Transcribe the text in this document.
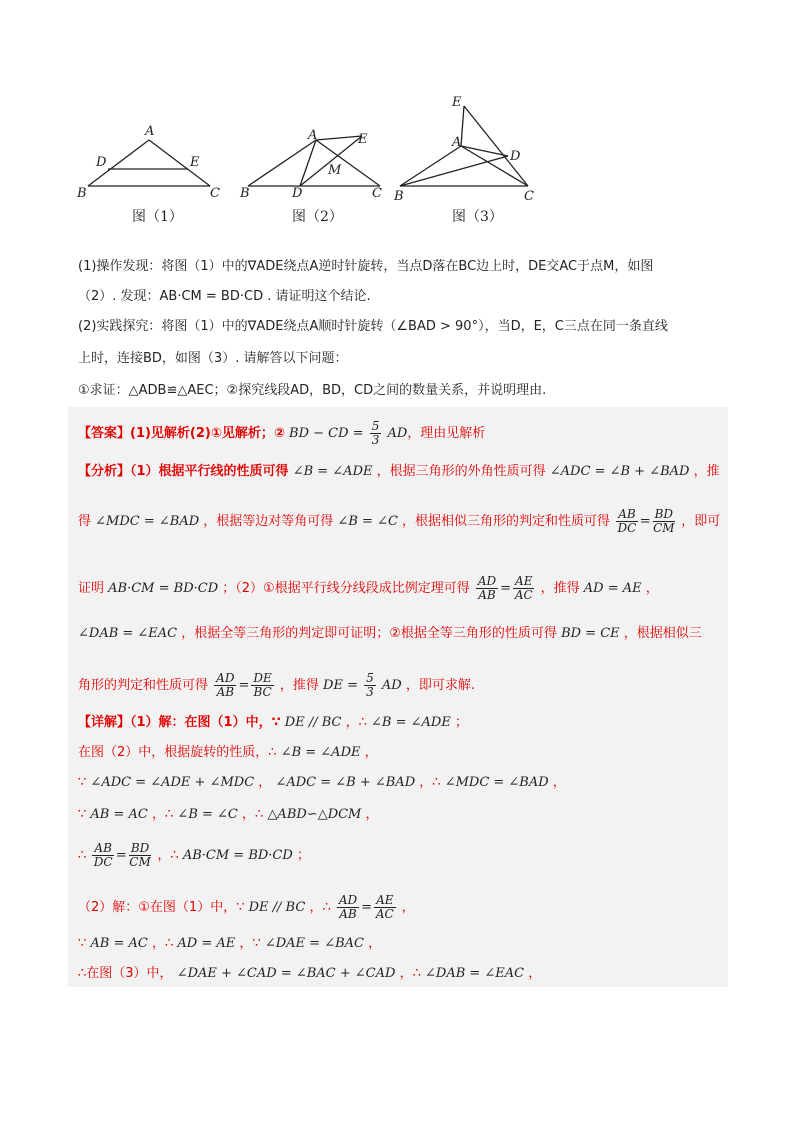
A
D	E
B	C
A	E
M
B	D	C
E
A
D
B	C
图（1）	图（2）	图（3）
(1)操作发现：将图（1）中的∇ADE绕点A逆时针旋转，当点D落在BC边上时，DE交AC于点M，如图
（2）. 发现：AB·CM = BD·CD . 请证明这个结论.
(2)实践探究：将图（1）中的∇ADE绕点A顺时针旋转（∠BAD > 90°），当D，E，C三点在同一条直线
上时，连接BD，如图（3）. 请解答以下问题：
①求证：△ADB≌△AEC；②探究线段AD，BD，CD之间的数量关系，并说明理由.
【答案】(1)见解析(2)①见解析；② BD − CD = $\frac{5}{3}$ AD，理由见解析
【分析】（1）根据平行线的性质可得 ∠B = ∠ADE ，根据三角形的外角性质可得 ∠ADC = ∠B + ∠BAD ，推
得 ∠MDC = ∠BAD ，根据等边对等角可得 ∠B = ∠C ，根据相似三角形的判定和性质可得 $\frac{AB}{DC} = \frac{BD}{CM}$ ，即可
证明 AB·CM = BD·CD ；（2）①根据平行线分线段成比例定理可得 $\frac{AD}{AB} = \frac{AE}{AC}$ ，推得 AD = AE ，
∠DAB = ∠EAC ，根据全等三角形的判定即可证明；②根据全等三角形的性质可得 BD = CE ，根据相似三
角形的判定和性质可得 $\frac{AD}{AB} = \frac{DE}{BC}$ ，推得 DE = $\frac{5}{3}$ AD ，即可求解.
【详解】（1）解：在图（1）中，∵ DE // BC ，∴ ∠B = ∠ADE ；
在图（2）中，根据旋转的性质，∴ ∠B = ∠ADE ，
∵ ∠ADC = ∠ADE + ∠MDC ， ∠ADC = ∠B + ∠BAD ，∴ ∠MDC = ∠BAD ，
∵ AB = AC ，∴ ∠B = ∠C ，∴ △ABD∽△DCM ，
∴ $\frac{AB}{DC} = \frac{BD}{CM}$ ，∴ AB·CM = BD·CD ；
（2）解：①在图（1）中，∵ DE // BC ，∴ $\frac{AD}{AB} = \frac{AE}{AC}$ ，
∵ AB = AC ，∴ AD = AE ，∵ ∠DAE = ∠BAC ，
∴在图（3）中， ∠DAE + ∠CAD = ∠BAC + ∠CAD ，∴ ∠DAB = ∠EAC ，
